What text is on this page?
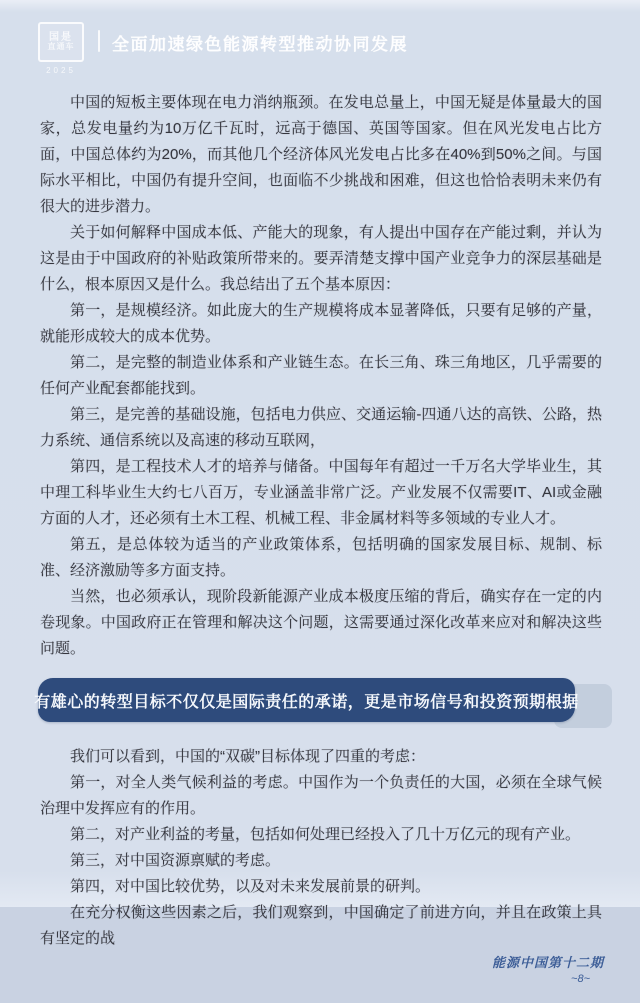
国是
直通车
2025
全面加速绿色能源转型推动协同发展

中国的短板主要体现在电力消纳瓶颈。在发电总量上，中国无疑是体量最大的国家，总发电量约为10万亿千瓦时，远高于德国、英国等国家。但在风光发电占比方面，中国总体约为20%，而其他几个经济体风光发电占比多在40%到50%之间。与国际水平相比，中国仍有提升空间，也面临不少挑战和困难，但这也恰恰表明未来仍有很大的进步潜力。

关于如何解释中国成本低、产能大的现象，有人提出中国存在产能过剩，并认为这是由于中国政府的补贴政策所带来的。要弄清楚支撑中国产业竞争力的深层基础是什么，根本原因又是什么。我总结出了五个基本原因：

第一，是规模经济。如此庞大的生产规模将成本显著降低，只要有足够的产量，就能形成较大的成本优势。

第二，是完整的制造业体系和产业链生态。在长三角、珠三角地区，几乎需要的任何产业配套都能找到。

第三，是完善的基础设施，包括电力供应、交通运输-四通八达的高铁、公路，热力系统、通信系统以及高速的移动互联网，

第四，是工程技术人才的培养与储备。中国每年有超过一千万名大学毕业生，其中理工科毕业生大约七八百万，专业涵盖非常广泛。产业发展不仅需要IT、AI或金融方面的人才，还必须有土木工程、机械工程、非金属材料等多领域的专业人才。

第五，是总体较为适当的产业政策体系，包括明确的国家发展目标、规制、标准、经济激励等多方面支持。

当然，也必须承认，现阶段新能源产业成本极度压缩的背后，确实存在一定的内卷现象。中国政府正在管理和解决这个问题，这需要通过深化改革来应对和解决这些问题。

有雄心的转型目标不仅仅是国际责任的承诺，更是市场信号和投资预期根据

我们可以看到，中国的“双碳”目标体现了四重的考虑：

第一，对全人类气候利益的考虑。中国作为一个负责任的大国，必须在全球气候治理中发挥应有的作用。

第二，对产业利益的考量，包括如何处理已经投入了几十万亿元的现有产业。

第三，对中国资源禀赋的考虑。

第四，对中国比较优势，以及对未来发展前景的研判。

在充分权衡这些因素之后，我们观察到，中国确定了前进方向，并且在政策上具有坚定的战

能源中国第十二期
~8~
